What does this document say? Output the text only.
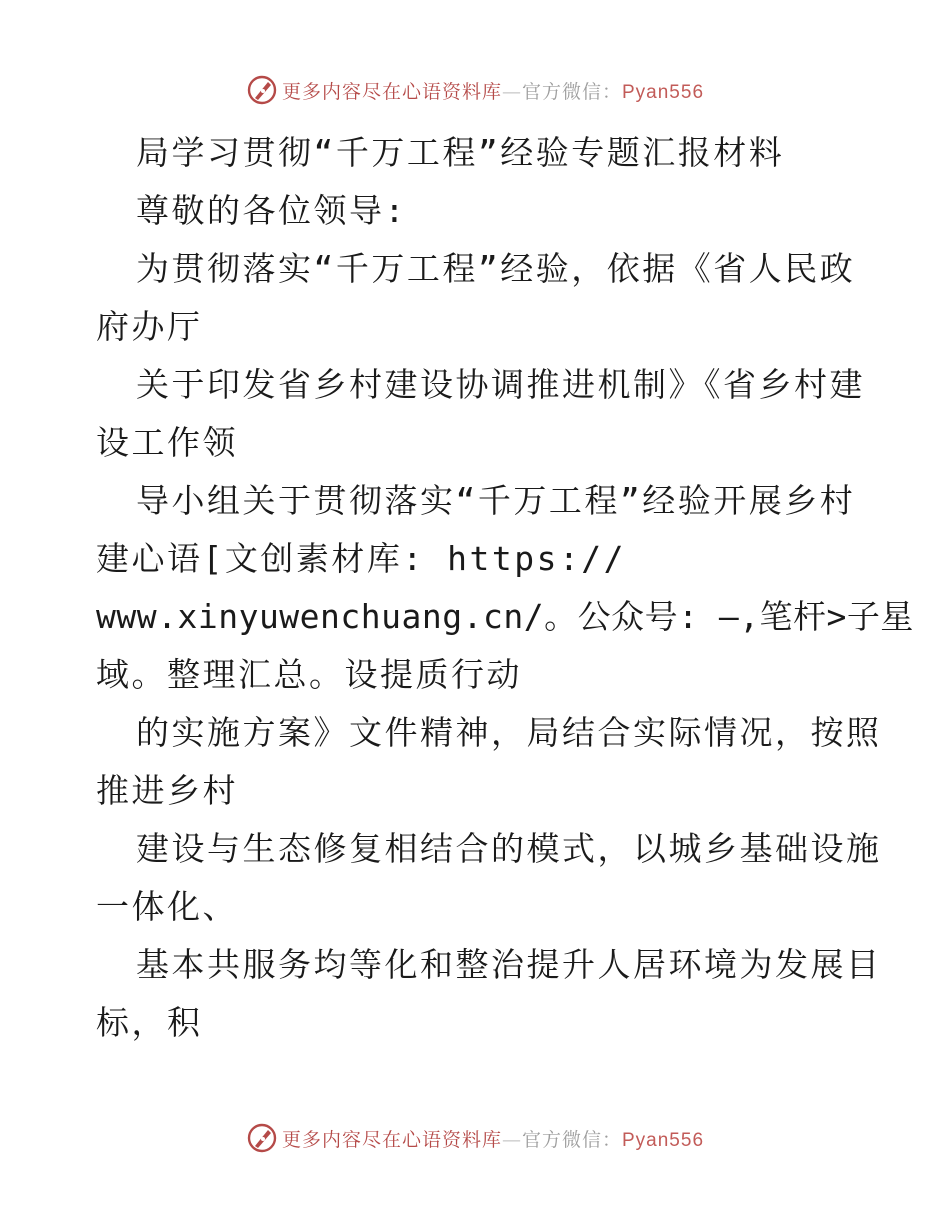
更多内容尽在心语资料库—官方微信：Pyan556

局学习贯彻“千万工程”经验专题汇报材料

尊敬的各位领导:

为贯彻落实“千万工程”经验，依据《省人民政

府办厅

关于印发省乡村建设协调推进机制》《省乡村建

设工作领

导小组关于贯彻落实“千万工程”经验开展乡村

建心语[文创素材库: https://

www.xinyuwenchuang.cn/。公众号: —,笔杆>子星

域。整理汇总。设提质行动

的实施方案》文件精神，局结合实际情况，按照

推进乡村

建设与生态修复相结合的模式，以城乡基础设施

一体化、

基本共服务均等化和整治提升人居环境为发展目

标，积

更多内容尽在心语资料库—官方微信：Pyan556
